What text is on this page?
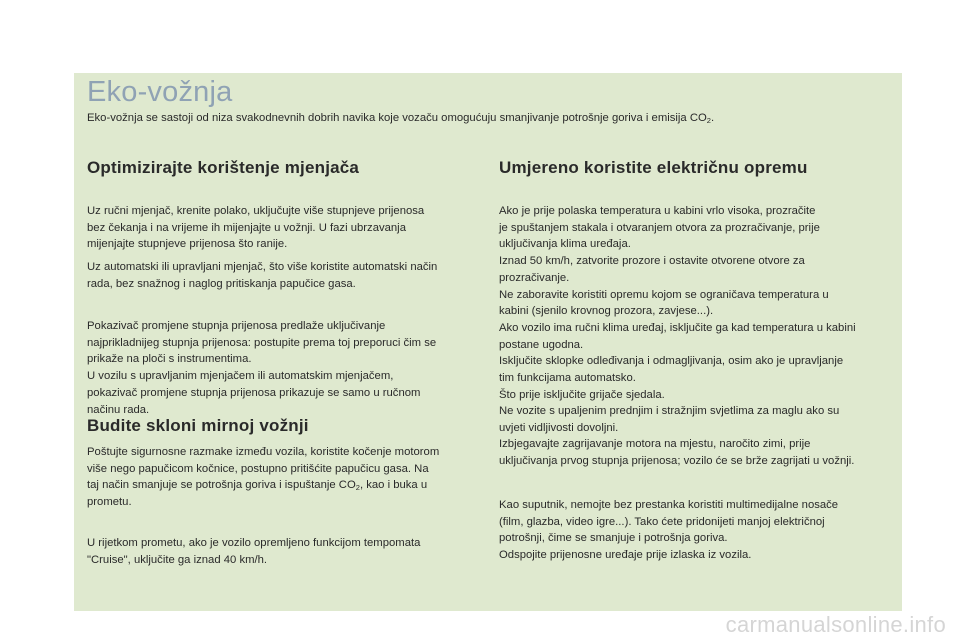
Eko-vožnja
Eko-vožnja se sastoji od niza svakodnevnih dobrih navika koje vozaču omogućuju smanjivanje potrošnje goriva i emisija $CO_2$.
Optimizirajte korištenje mjenjača

Uz ručni mjenjač, krenite polako, uključujte više stupnjeve prijenosa

bez čekanja i na vrijeme ih mijenjajte u vožnji. U fazi ubrzavanja

mijenjajte stupnjeve prijenosa što ranije.

Uz automatski ili upravljani mjenjač, što više koristite automatski način

rada, bez snažnog i naglog pritiskanja papučice gasa.

Pokazivač promjene stupnja prijenosa predlaže uključivanje

najprikladnijeg stupnja prijenosa: postupite prema toj preporuci čim se

prikaže na ploči s instrumentima.

U vozilu s upravljanim mjenjačem ili automatskim mjenjačem,

pokazivač promjene stupnja prijenosa prikazuje se samo u ručnom

načinu rada.

Budite skloni mirnoj vožnji

Poštujte sigurnosne razmake između vozila, koristite kočenje motorom

više nego papučicom kočnice, postupno pritišćite papučicu gasa. Na

taj način smanjuje se potrošnja goriva i ispuštanje $CO_2$, kao i buka u

prometu.

U rijetkom prometu, ako je vozilo opremljeno funkcijom tempomata

"Cruise", uključite ga iznad 40 km/h.

Umjereno koristite električnu opremu

Ako je prije polaska temperatura u kabini vrlo visoka, prozračite

je spuštanjem stakala i otvaranjem otvora za prozračivanje, prije

uključivanja klima uređaja.

Iznad 50 km/h, zatvorite prozore i ostavite otvorene otvore za

prozračivanje.

Ne zaboravite koristiti opremu kojom se ograničava temperatura u

kabini (sjenilo krovnog prozora, zavjese...).

Ako vozilo ima ručni klima uređaj, isključite ga kad temperatura u kabini

postane ugodna.

Isključite sklopke odleđivanja i odmagljivanja, osim ako je upravljanje

tim funkcijama automatsko.

Što prije isključite grijače sjedala.

Ne vozite s upaljenim prednjim i stražnjim svjetlima za maglu ako su

uvjeti vidljivosti dovoljni.

Izbjegavajte zagrijavanje motora na mjestu, naročito zimi, prije

uključivanja prvog stupnja prijenosa; vozilo će se brže zagrijati u vožnji.

Kao suputnik, nemojte bez prestanka koristiti multimedijalne nosače

(film, glazba, video igre...). Tako ćete pridonijeti manjoj električnoj

potrošnji, čime se smanjuje i potrošnja goriva.

Odspojite prijenosne uređaje prije izlaska iz vozila.

carmanualsonline.info
